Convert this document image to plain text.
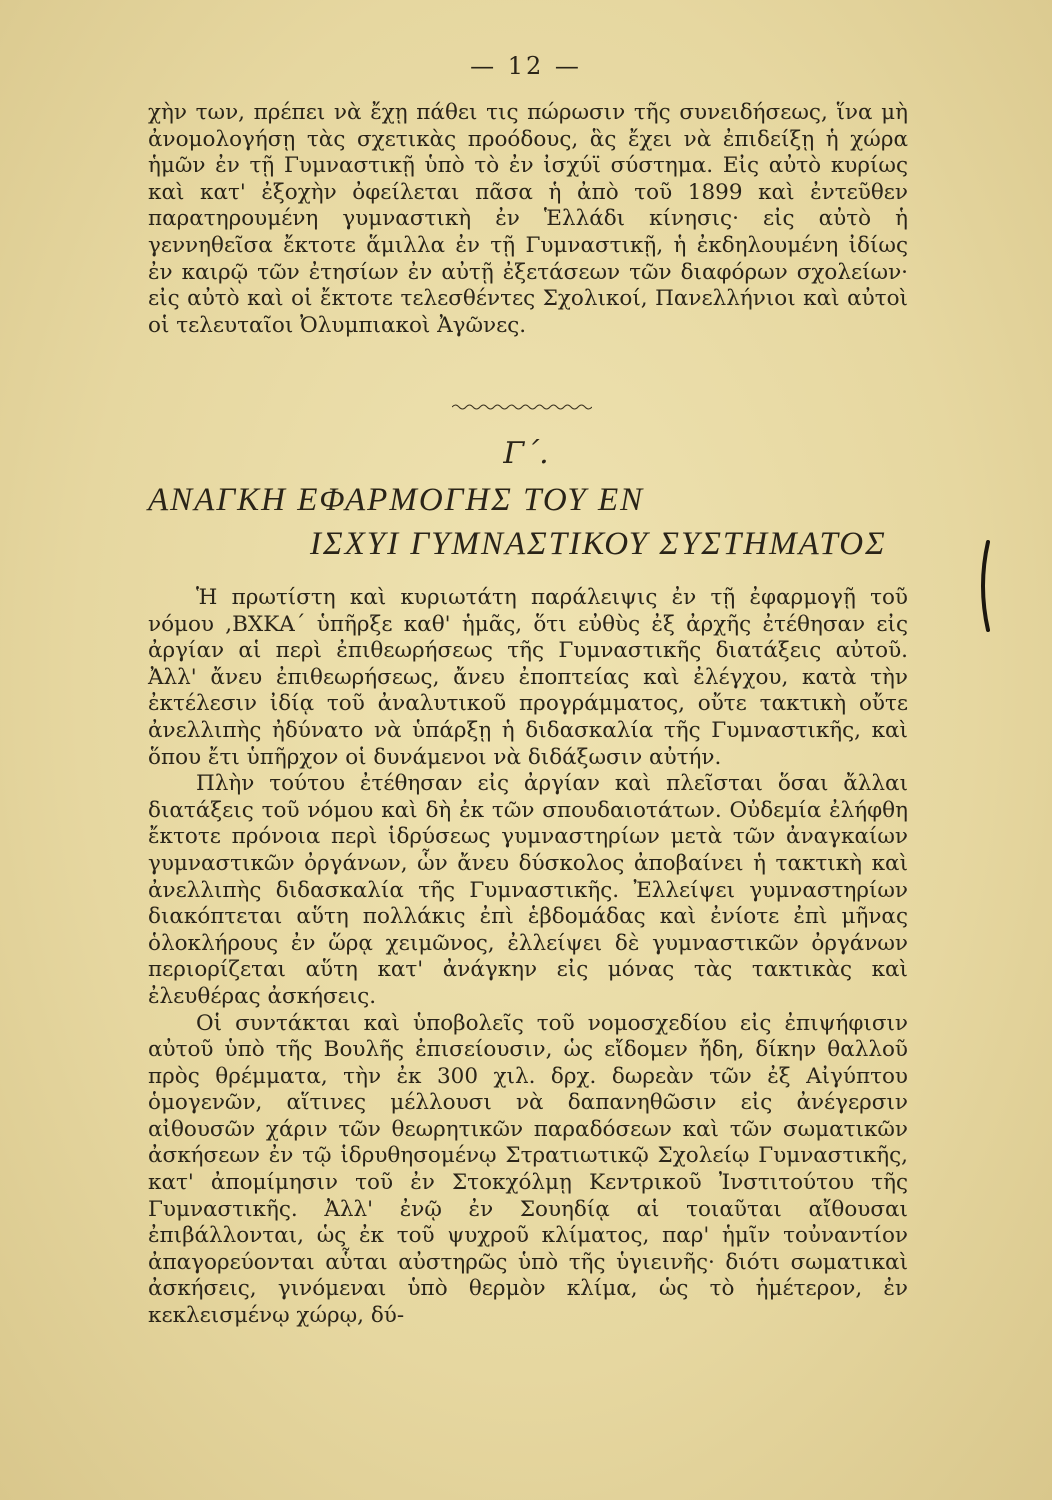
— 12 —

χὴν των, πρέπει νὰ ἔχῃ πάθει τις πώρωσιν τῆς συνειδήσεως, ἵνα μὴ ἀνομολογήσῃ τὰς σχετικὰς προόδους, ἃς ἔχει νὰ ἐπιδείξῃ ἡ χώρα ἡμῶν ἐν τῇ Γυμναστικῇ ὑπὸ τὸ ἐν ἰσχύϊ σύστημα. Εἰς αὐτὸ κυρίως καὶ κατ' ἐξοχὴν ὀφείλεται πᾶσα ἡ ἀπὸ τοῦ 1899 καὶ ἐντεῦθεν παρατηρουμένη γυμναστικὴ ἐν Ἑλλάδι κίνησις· εἰς αὐτὸ ἡ γεννηθεῖσα ἔκτοτε ἅμιλλα ἐν τῇ Γυμναστικῇ, ἡ ἐκδηλουμένη ἰδίως ἐν καιρῷ τῶν ἐτησίων ἐν αὐτῇ ἐξετάσεων τῶν διαφόρων σχολείων· εἰς αὐτὸ καὶ οἱ ἔκτοτε τελεσθέντες Σχολικοί, Πανελλήνιοι καὶ αὐτοὶ οἱ τελευταῖοι Ὀλυμπιακοὶ Ἀγῶνες.

Γ΄.
ΑΝΑΓΚΗ ΕΦΑΡΜΟΓΗΣ ΤΟΥ ΕΝ
ΙΣΧΥΙ ΓΥΜΝΑΣΤΙΚΟΥ ΣΥΣΤΗΜΑΤΟΣ

Ἡ πρωτίστη καὶ κυριωτάτη παράλειψις ἐν τῇ ἐφαρμογῇ τοῦ νόμου ,ΒΧΚΑ΄ ὑπῆρξε καθ' ἡμᾶς, ὅτι εὐθὺς ἐξ ἀρχῆς ἐτέθησαν εἰς ἀργίαν αἱ περὶ ἐπιθεωρήσεως τῆς Γυμναστικῆς διατάξεις αὐτοῦ. Ἀλλ' ἄνευ ἐπιθεωρήσεως, ἄνευ ἐποπτείας καὶ ἐλέγχου, κατὰ τὴν ἐκτέλεσιν ἰδίᾳ τοῦ ἀναλυτικοῦ προγράμματος, οὔτε τακτικὴ οὔτε ἀνελλιπὴς ἠδύνατο νὰ ὑπάρξῃ ἡ διδασκαλία τῆς Γυμναστικῆς, καὶ ὅπου ἔτι ὑπῆρχον οἱ δυνάμενοι νὰ διδάξωσιν αὐτήν.

Πλὴν τούτου ἐτέθησαν εἰς ἀργίαν καὶ πλεῖσται ὅσαι ἄλλαι διατάξεις τοῦ νόμου καὶ δὴ ἐκ τῶν σπουδαιοτάτων. Οὐδεμία ἐλήφθη ἔκτοτε πρόνοια περὶ ἱδρύσεως γυμναστηρίων μετὰ τῶν ἀναγκαίων γυμναστικῶν ὀργάνων, ὧν ἄνευ δύσκολος ἀποβαίνει ἡ τακτικὴ καὶ ἀνελλιπὴς διδασκαλία τῆς Γυμναστικῆς. Ἐλλείψει γυμναστηρίων διακόπτεται αὕτη πολλάκις ἐπὶ ἑβδομάδας καὶ ἐνίοτε ἐπὶ μῆνας ὁλοκλήρους ἐν ὥρᾳ χειμῶνος, ἐλλείψει δὲ γυμναστικῶν ὀργάνων περιορίζεται αὕτη κατ' ἀνάγκην εἰς μόνας τὰς τακτικὰς καὶ ἐλευθέρας ἀσκήσεις.

Οἱ συντάκται καὶ ὑποβολεῖς τοῦ νομοσχεδίου εἰς ἐπιψήφισιν αὐτοῦ ὑπὸ τῆς Βουλῆς ἐπισείουσιν, ὡς εἴδομεν ἤδη, δίκην θαλλοῦ πρὸς θρέμματα, τὴν ἐκ 300 χιλ. δρχ. δωρεὰν τῶν ἐξ Αἰγύπτου ὁμογενῶν, αἵτινες μέλλουσι νὰ δαπανηθῶσιν εἰς ἀνέγερσιν αἰθουσῶν χάριν τῶν θεωρητικῶν παραδόσεων καὶ τῶν σωματικῶν ἀσκήσεων ἐν τῷ ἱδρυθησομένῳ Στρατιωτικῷ Σχολείῳ Γυμναστικῆς, κατ' ἀπομίμησιν τοῦ ἐν Στοκχόλμῃ Κεντρικοῦ Ἰνστιτούτου τῆς Γυμναστικῆς. Ἀλλ' ἐνῷ ἐν Σουηδίᾳ αἱ τοιαῦται αἴθουσαι ἐπιβάλλονται, ὡς ἐκ τοῦ ψυχροῦ κλίματος, παρ' ἡμῖν τοὐναντίον ἀπαγορεύονται αὗται αὐστηρῶς ὑπὸ τῆς ὑγιεινῆς· διότι σωματικαὶ ἀσκήσεις, γινόμεναι ὑπὸ θερμὸν κλίμα, ὡς τὸ ἡμέτερον, ἐν κεκλεισμένῳ χώρῳ, δύ-
